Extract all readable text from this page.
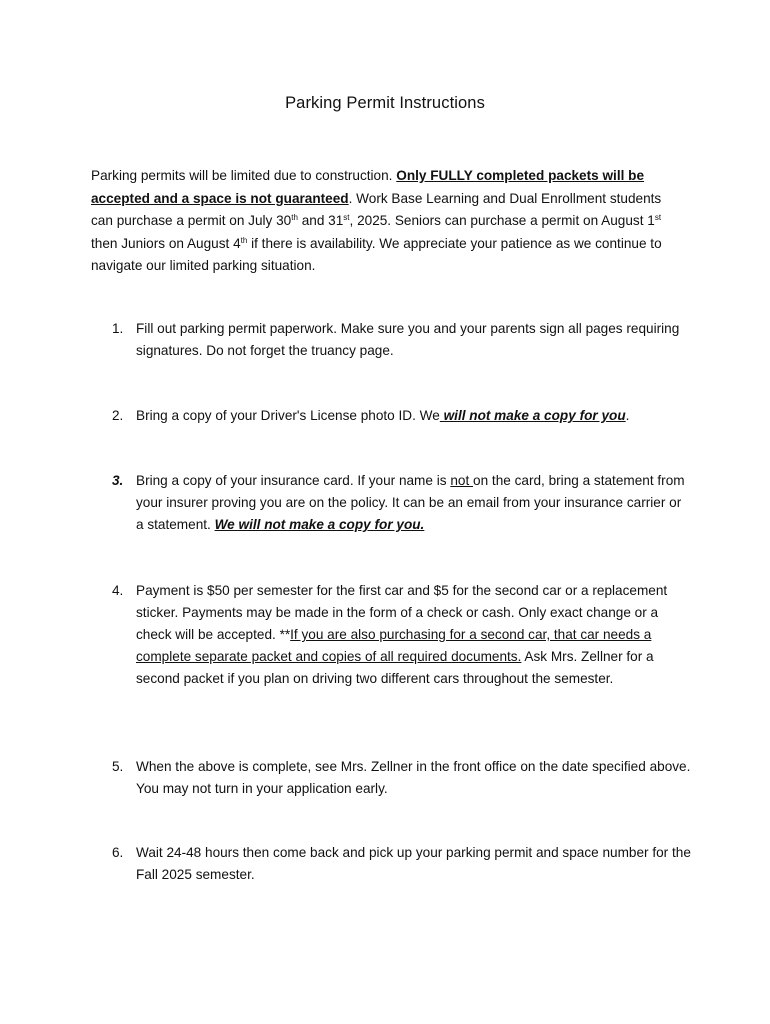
Parking Permit Instructions
Parking permits will be limited due to construction. Only FULLY completed packets will be accepted and a space is not guaranteed. Work Base Learning and Dual Enrollment students can purchase a permit on July 30th and 31st, 2025. Seniors can purchase a permit on August 1st then Juniors on August 4th if there is availability. We appreciate your patience as we continue to navigate our limited parking situation.
1. Fill out parking permit paperwork. Make sure you and your parents sign all pages requiring signatures. Do not forget the truancy page.
2. Bring a copy of your Driver's License photo ID. We will not make a copy for you.
3. Bring a copy of your insurance card. If your name is not on the card, bring a statement from your insurer proving you are on the policy. It can be an email from your insurance carrier or a statement. We will not make a copy for you.
4. Payment is $50 per semester for the first car and $5 for the second car or a replacement sticker. Payments may be made in the form of a check or cash. Only exact change or a check will be accepted. **If you are also purchasing for a second car, that car needs a complete separate packet and copies of all required documents. Ask Mrs. Zellner for a second packet if you plan on driving two different cars throughout the semester.
5. When the above is complete, see Mrs. Zellner in the front office on the date specified above. You may not turn in your application early.
6. Wait 24-48 hours then come back and pick up your parking permit and space number for the Fall 2025 semester.
